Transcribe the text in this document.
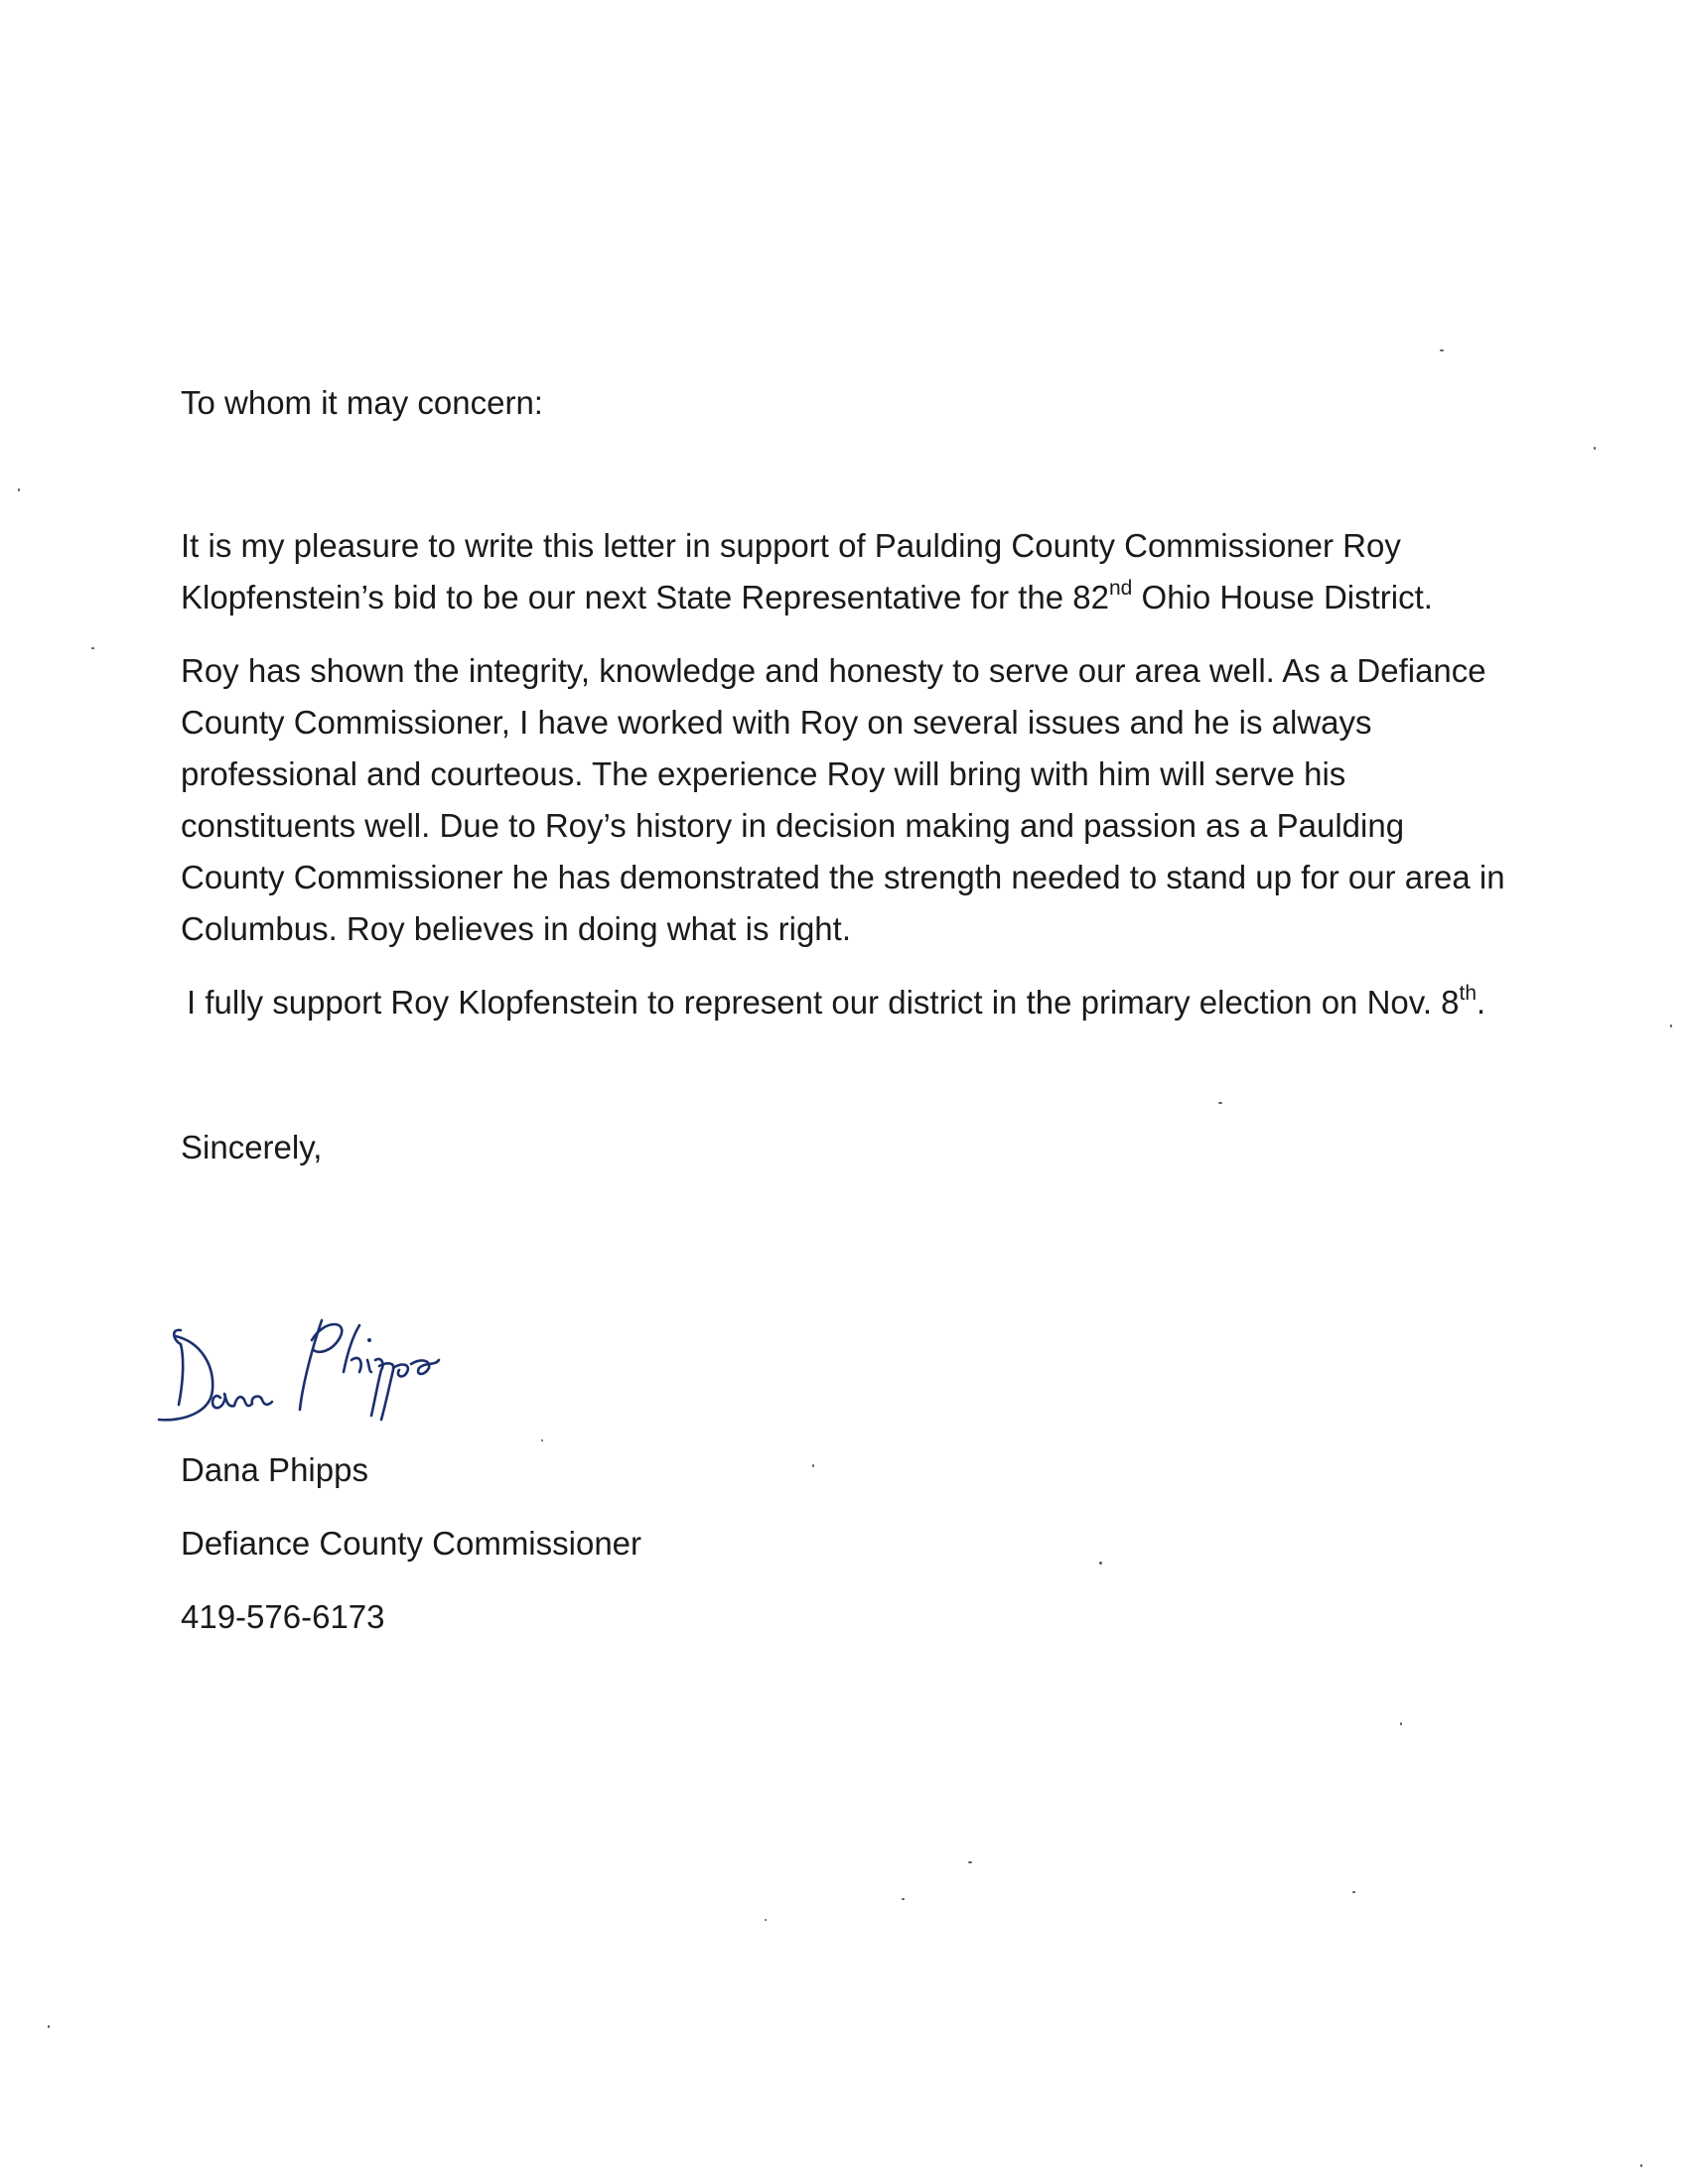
To whom it may concern:

It is my pleasure to write this letter in support of Paulding County Commissioner Roy Klopfenstein’s bid to be our next State Representative for the 82nd Ohio House District.

Roy has shown the integrity, knowledge and honesty to serve our area well. As a Defiance County Commissioner, I have worked with Roy on several issues and he is always professional and courteous. The experience Roy will bring with him will serve his constituents well. Due to Roy’s history in decision making and passion as a Paulding County Commissioner he has demonstrated the strength needed to stand up for our area in Columbus. Roy believes in doing what is right.

I fully support Roy Klopfenstein to represent our district in the primary election on Nov. 8th.

Sincerely,

Dana Phipps

Defiance County Commissioner

419-576-6173
